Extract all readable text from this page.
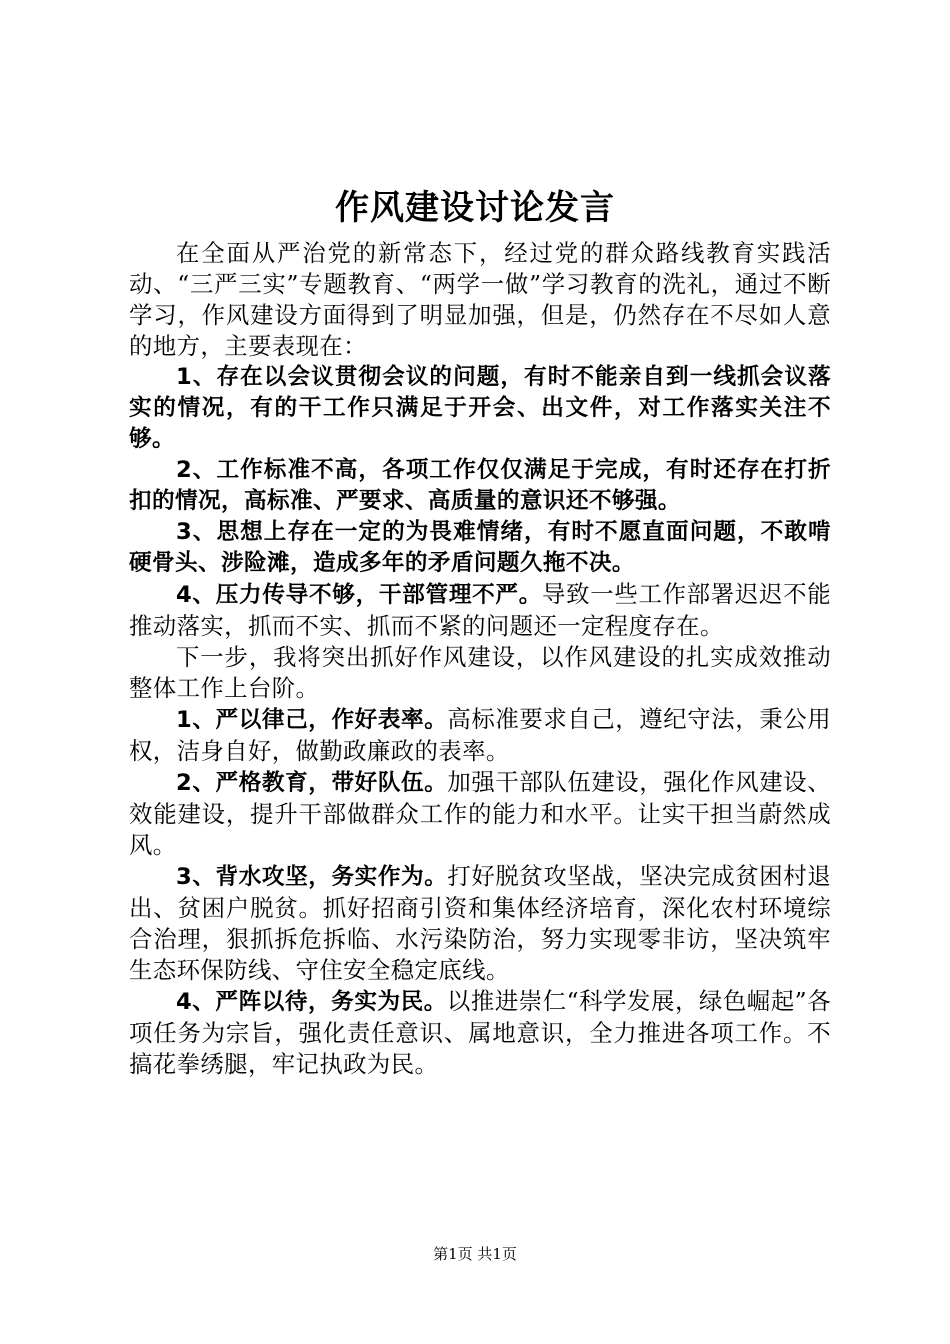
作风建设讨论发言

在全面从严治党的新常态下，经过党的群众路线教育实践活动、“三严三实”专题教育、“两学一做”学习教育的洗礼，通过不断学习，作风建设方面得到了明显加强，但是，仍然存在不尽如人意的地方，主要表现在：

1、存在以会议贯彻会议的问题，有时不能亲自到一线抓会议落实的情况，有的干工作只满足于开会、出文件，对工作落实关注不够。

2、工作标准不高，各项工作仅仅满足于完成，有时还存在打折扣的情况，高标准、严要求、高质量的意识还不够强。

3、思想上存在一定的为畏难情绪，有时不愿直面问题，不敢啃硬骨头、涉险滩，造成多年的矛盾问题久拖不决。

4、压力传导不够，干部管理不严。导致一些工作部署迟迟不能推动落实，抓而不实、抓而不紧的问题还一定程度存在。

下一步，我将突出抓好作风建设，以作风建设的扎实成效推动整体工作上台阶。

1、严以律己，作好表率。高标准要求自己，遵纪守法，秉公用权，洁身自好，做勤政廉政的表率。

2、严格教育，带好队伍。加强干部队伍建设，强化作风建设、效能建设，提升干部做群众工作的能力和水平。让实干担当蔚然成风。

3、背水攻坚，务实作为。打好脱贫攻坚战，坚决完成贫困村退出、贫困户脱贫。抓好招商引资和集体经济培育，深化农村环境综合治理，狠抓拆危拆临、水污染防治，努力实现零非访，坚决筑牢生态环保防线、守住安全稳定底线。

4、严阵以待，务实为民。以推进崇仁“科学发展，绿色崛起”各项任务为宗旨，强化责任意识、属地意识，全力推进各项工作。不搞花拳绣腿，牢记执政为民。

第1页 共1页
